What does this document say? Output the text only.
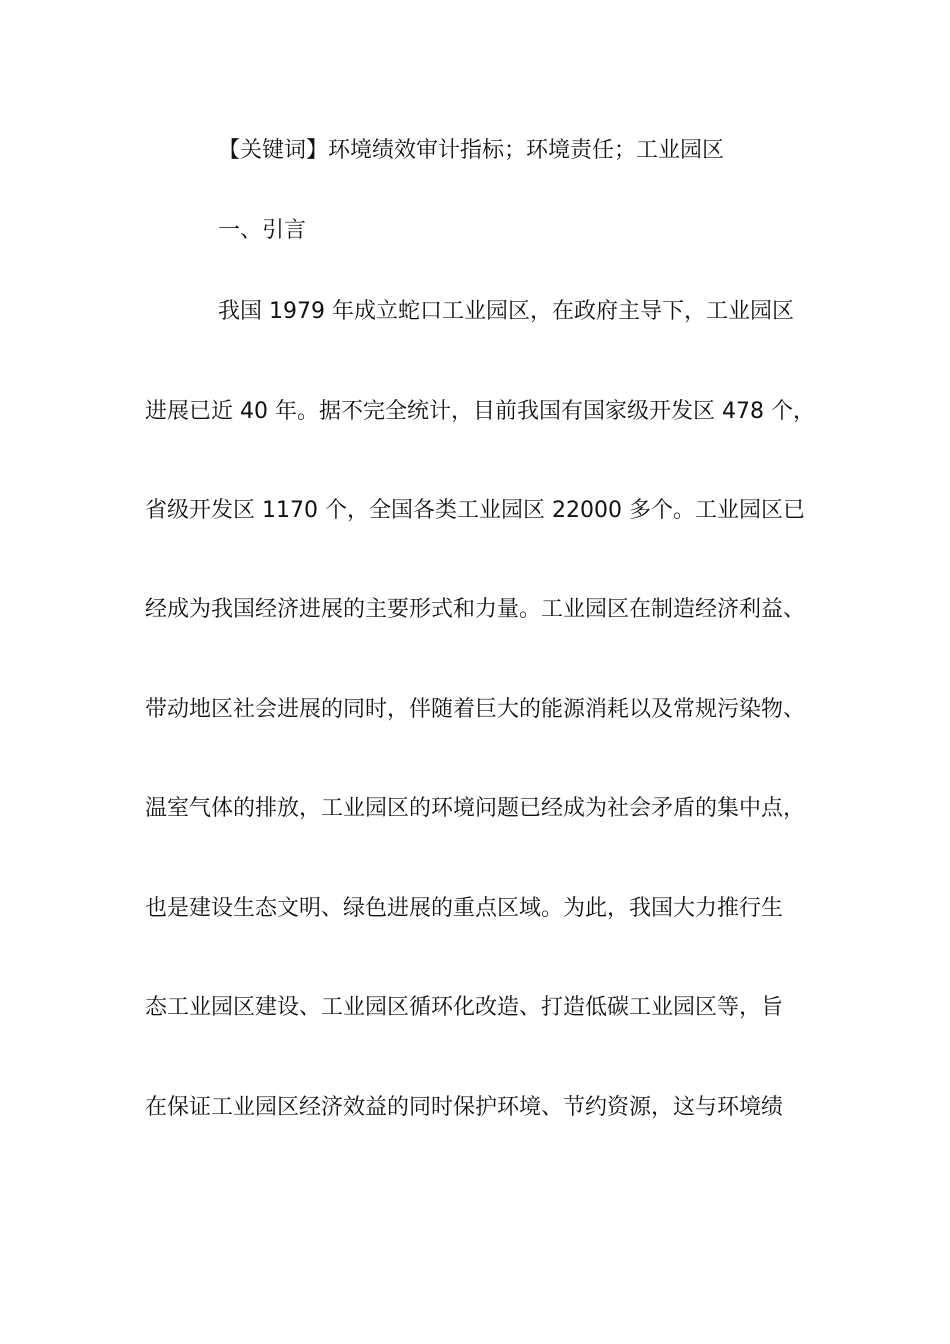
【关键词】环境绩效审计指标；环境责任；工业园区
一、引言
我国 1979 年成立蛇口工业园区，在政府主导下，工业园区
进展已近 40 年。据不完全统计，目前我国有国家级开发区 478 个，
省级开发区 1170 个，全国各类工业园区 22000 多个。工业园区已
经成为我国经济进展的主要形式和力量。工业园区在制造经济利益、
带动地区社会进展的同时，伴随着巨大的能源消耗以及常规污染物、
温室气体的排放，工业园区的环境问题已经成为社会矛盾的集中点，
也是建设生态文明、绿色进展的重点区域。为此，我国大力推行生
态工业园区建设、工业园区循环化改造、打造低碳工业园区等，旨
在保证工业园区经济效益的同时保护环境、节约资源，这与环境绩
